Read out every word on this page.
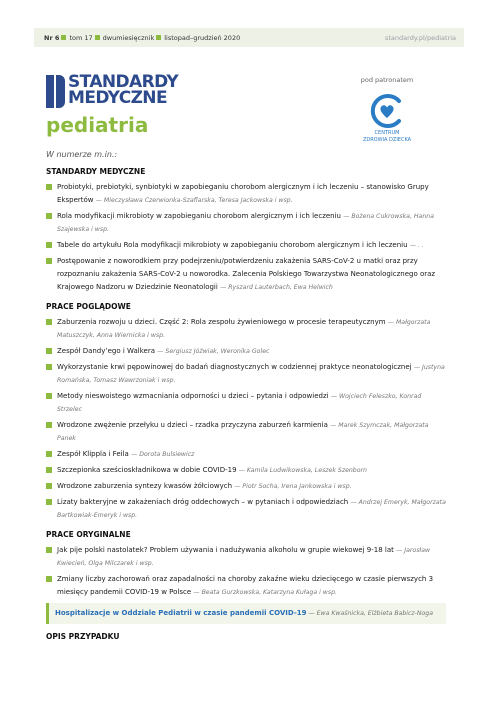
Nr 6 tom 17 dwumiesięcznik listopad–grudzień 2020	standardy.pl/pediatria
STANDARDY
MEDYCZNE
pediatria
pod patronatem
CENTRUM
ZDROWIA DZIECKA
W numerze m.in.:
STANDARDY MEDYCZNE
Probiotyki, prebiotyki, synbiotyki w zapobieganiu chorobom alergicznym i ich leczeniu – stanowisko Grupy Ekspertów — Mieczysława Czerwionka-Szaflarska, Teresa Jackowska i wsp.
Rola modyfikacji mikrobioty w zapobieganiu chorobom alergicznym i ich leczeniu — Bożena Cukrowska, Hanna Szajewska i wsp.
Tabele do artykułu Rola modyfikacji mikrobioty w zapobieganiu chorobom alergicznym i ich leczeniu — . .
Postępowanie z noworodkiem przy podejrzeniu/potwierdzeniu zakażenia SARS-CoV-2 u matki oraz przy rozpoznaniu zakażenia SARS-CoV-2 u noworodka. Zalecenia Polskiego Towarzystwa Neonatologicznego oraz Krajowego Nadzoru w Dziedzinie Neonatologii — Ryszard Lauterbach, Ewa Helwich
PRACE POGLĄDOWE
Zaburzenia rozwoju u dzieci. Część 2: Rola zespołu żywieniowego w procesie terapeutycznym — Małgorzata Matuszczyk, Anna Wiernicka i wsp.
Zespół Dandy’ego i Walkera — Sergiusz Jóźwiak, Weronika Golec
Wykorzystanie krwi pępowinowej do badań diagnostycznych w codziennej praktyce neonatologicznej — Justyna Romańska, Tomasz Wawrzoniak i wsp.
Metody nieswoistego wzmacniania odporności u dzieci – pytania i odpowiedzi — Wojciech Feleszko, Konrad Strzelec
Wrodzone zwężenie przełyku u dzieci – rzadka przyczyna zaburzeń karmienia — Marek Szymczak, Małgorzata Panek
Zespół Klippla i Feila — Dorota Bulsiewicz
Szczepionka sześcioskładnikowa w dobie COVID-19 — Kamila Ludwikowska, Leszek Szenborn
Wrodzone zaburzenia syntezy kwasów żółciowych — Piotr Socha, Irena Jankowska i wsp.
Lizaty bakteryjne w zakażeniach dróg oddechowych – w pytaniach i odpowiedziach — Andrzej Emeryk, Małgorzata Bartkowiak-Emeryk i wsp.
PRACE ORYGINALNE
Jak pije polski nastolatek? Problem używania i nadużywania alkoholu w grupie wiekowej 9-18 lat — Jarosław Kwiecień, Olga Milczarek i wsp.
Zmiany liczby zachorowań oraz zapadalności na choroby zakaźne wieku dziecięcego w czasie pierwszych 3 miesięcy pandemii COVID-19 w Polsce — Beata Gurzkowska, Katarzyna Kułaga i wsp.
Hospitalizacje w Oddziale Pediatrii w czasie pandemii COVID-19 — Ewa Kwaśnicka, Elżbieta Babicz-Noga
OPIS PRZYPADKU
